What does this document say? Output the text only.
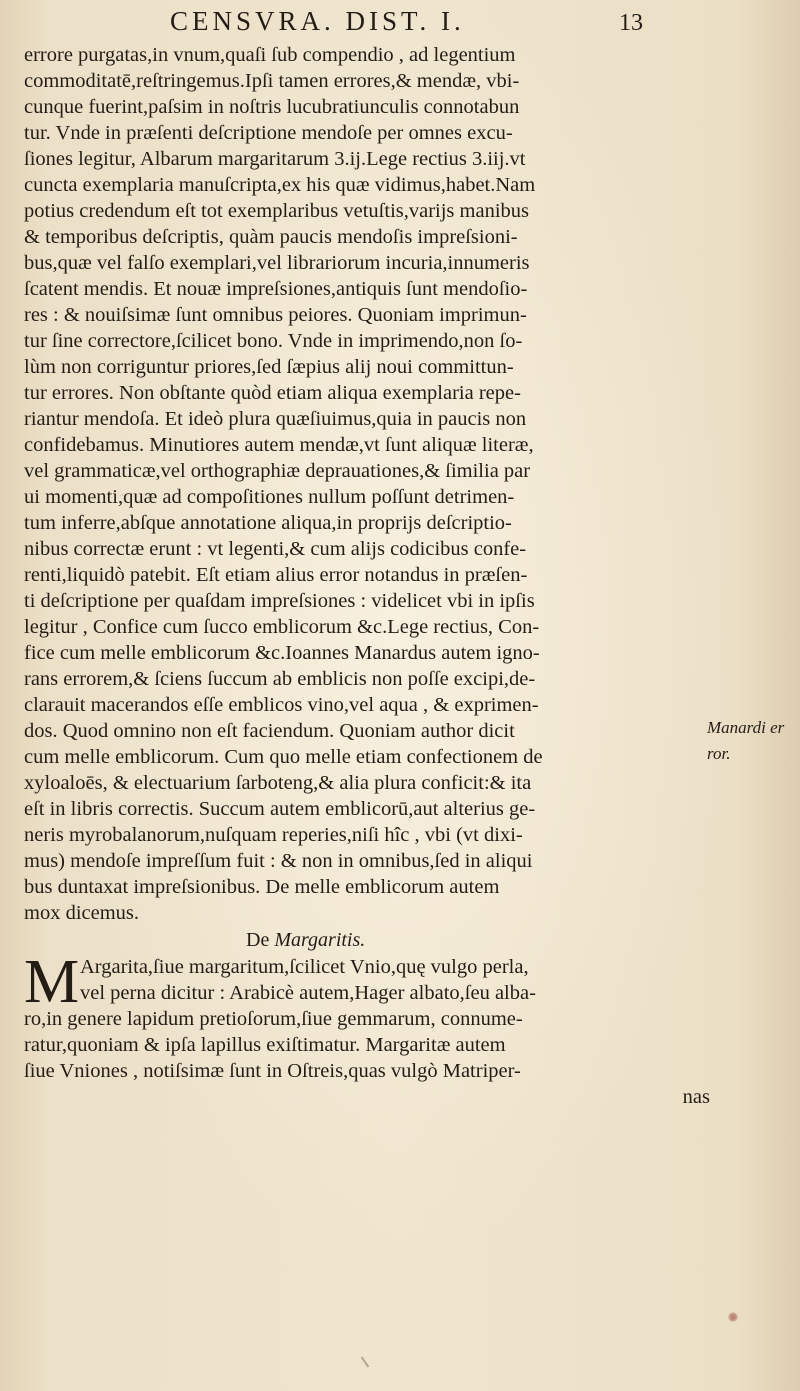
CENSVRA. DIST. I.	13
errore purgatas,in vnum,quaſi ſub compendio , ad legentium
commoditatē,reſtringemus.Ipſi tamen errores,& mendæ, vbi-
cunque fuerint,paſsim in noſtris lucubratiunculis connotabun
tur. Vnde in præſenti deſcriptione mendoſe per omnes excu-
ſiones legitur, Albarum margaritarum 3.ij.Lege rectius 3.iij.vt
cuncta exemplaria manuſcripta,ex his quæ vidimus,habet.Nam
potius credendum eſt tot exemplaribus vetuſtis,varijs manibus
& temporibus deſcriptis, quàm paucis mendoſis impreſsioni-
bus,quæ vel falſo exemplari,vel librariorum incuria,innumeris
ſcatent mendis. Et nouæ impreſsiones,antiquis ſunt mendoſio-
res : & nouiſsimæ ſunt omnibus peiores. Quoniam imprimun-
tur ſine correctore,ſcilicet bono. Vnde in imprimendo,non ſo-
lùm non corriguntur priores,ſed ſæpius alij noui committun-
tur errores. Non obſtante quòd etiam aliqua exemplaria repe-
riantur mendoſa. Et ideò plura quæſiuimus,quia in paucis non
confidebamus. Minutiores autem mendæ,vt ſunt aliquæ literæ,
vel grammaticæ,vel orthographiæ deprauationes,& ſimilia par
ui momenti,quæ ad compoſitiones nullum poſſunt detrimen-
tum inferre,abſque annotatione aliqua,in proprijs deſcriptio-
nibus correctæ erunt : vt legenti,& cum alijs codicibus confe-
renti,liquidò patebit. Eſt etiam alius error notandus in præſen-
ti deſcriptione per quaſdam impreſsiones : videlicet vbi in ipſis
legitur , Confice cum ſucco emblicorum &c.Lege rectius, Con-
fice cum melle emblicorum &c.Ioannes Manardus autem igno-
rans errorem,& ſciens ſuccum ab emblicis non poſſe excipi,de-
clarauit macerandos eſſe emblicos vino,vel aqua , & exprimen-
dos. Quod omnino non eſt faciendum. Quoniam author dicit
cum melle emblicorum. Cum quo melle etiam confectionem de
xyloaloēs, & electuarium ſarboteng,& alia plura conficit:& ita
eſt in libris correctis. Succum autem emblicorū,aut alterius ge-
neris myrobalanorum,nuſquam reperies,niſi hîc , vbi (vt dixi-
mus) mendoſe impreſſum fuit : & non in omnibus,ſed in aliqui
bus duntaxat impreſsionibus. De melle emblicorum autem
mox dicemus.
De Margaritis.
M Argarita,ſiue margaritum,ſcilicet Vnio,quę vulgo perla,
vel perna dicitur : Arabicè autem,Hager albato,ſeu alba-
ro,in genere lapidum pretioſorum,ſiue gemmarum, connume-
ratur,quoniam & ipſa lapillus exiſtimatur. Margaritæ autem
ſiue Vniones , notiſsimæ ſunt in Oſtreis,quas vulgò Matriper-
nas
Manardi er
ror.
